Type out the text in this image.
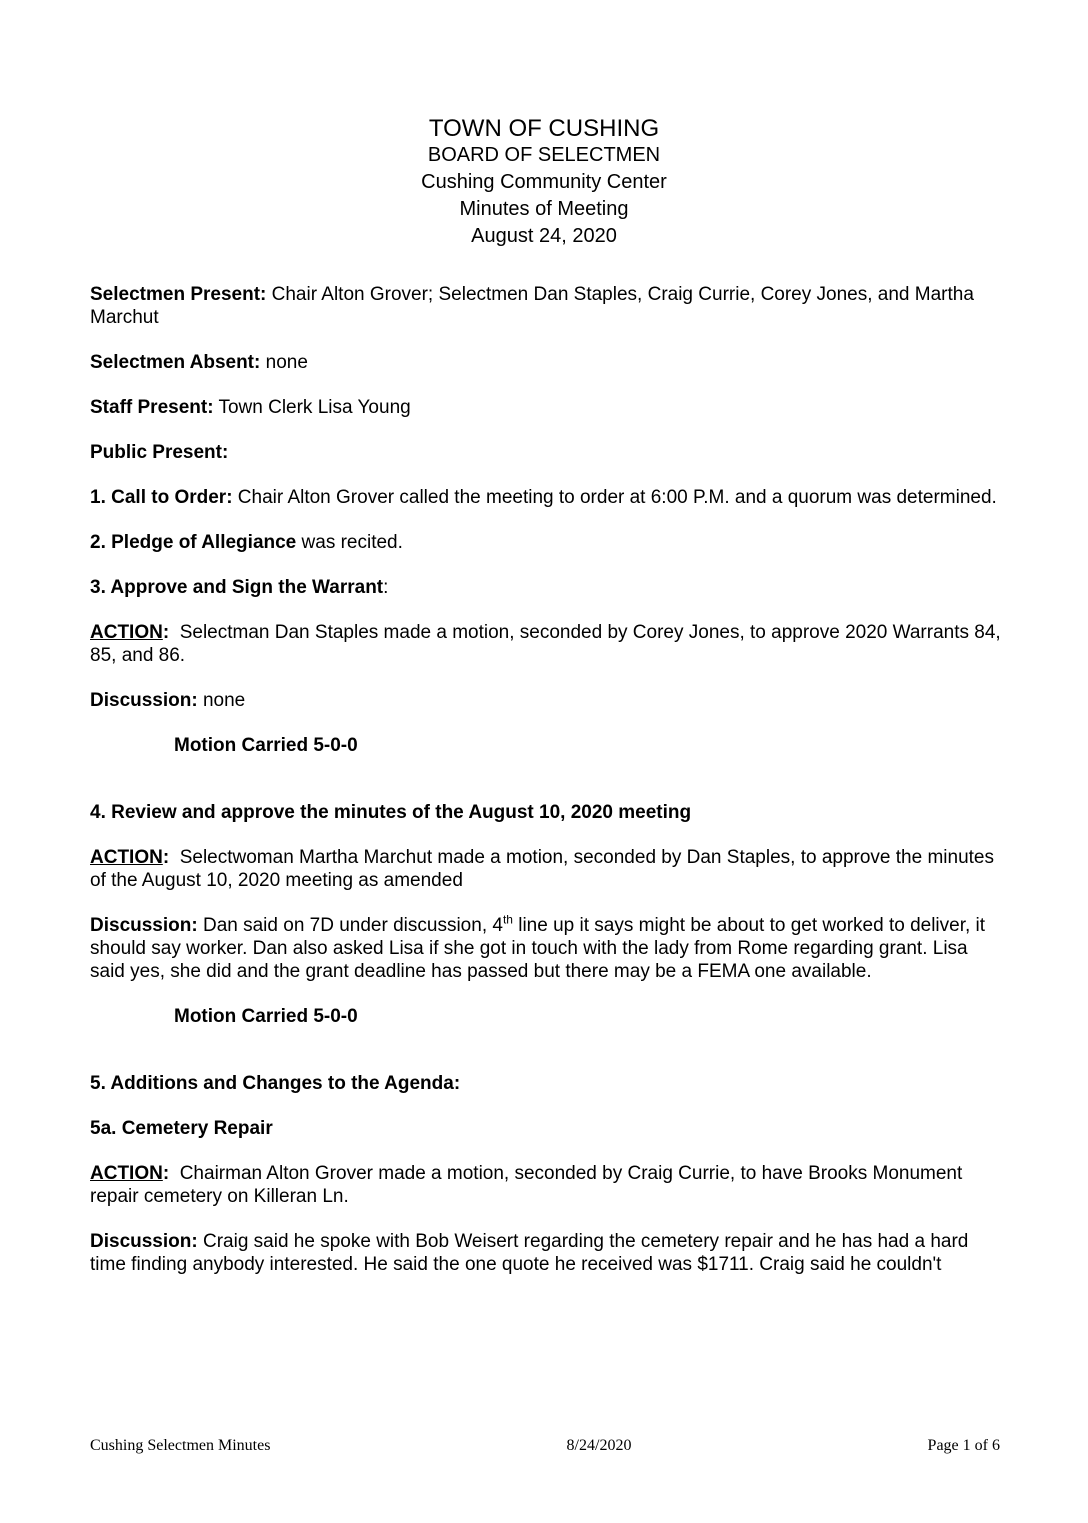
TOWN OF CUSHING
BOARD OF SELECTMEN
Cushing Community Center
Minutes of Meeting
August 24, 2020

Selectmen Present: Chair Alton Grover; Selectmen Dan Staples, Craig Currie, Corey Jones, and Martha Marchut

Selectmen Absent: none

Staff Present: Town Clerk Lisa Young

Public Present:

1. Call to Order: Chair Alton Grover called the meeting to order at 6:00 P.M. and a quorum was determined.

2. Pledge of Allegiance was recited.

3. Approve and Sign the Warrant:

ACTION:  Selectman Dan Staples made a motion, seconded by Corey Jones, to approve 2020 Warrants 84, 85, and 86.

Discussion: none

Motion Carried 5-0-0

4. Review and approve the minutes of the August 10, 2020 meeting

ACTION:  Selectwoman Martha Marchut made a motion, seconded by Dan Staples, to approve the minutes of the August 10, 2020 meeting as amended

Discussion: Dan said on 7D under discussion, 4th line up it says might be about to get worked to deliver, it should say worker. Dan also asked Lisa if she got in touch with the lady from Rome regarding grant. Lisa said yes, she did and the grant deadline has passed but there may be a FEMA one available.

Motion Carried 5-0-0

5. Additions and Changes to the Agenda:

5a. Cemetery Repair

ACTION:  Chairman Alton Grover made a motion, seconded by Craig Currie, to have Brooks Monument repair cemetery on Killeran Ln.

Discussion: Craig said he spoke with Bob Weisert regarding the cemetery repair and he has had a hard time finding anybody interested. He said the one quote he received was $1711. Craig said he couldn't

Cushing Selectmen Minutes	8/24/2020	Page 1 of 6
